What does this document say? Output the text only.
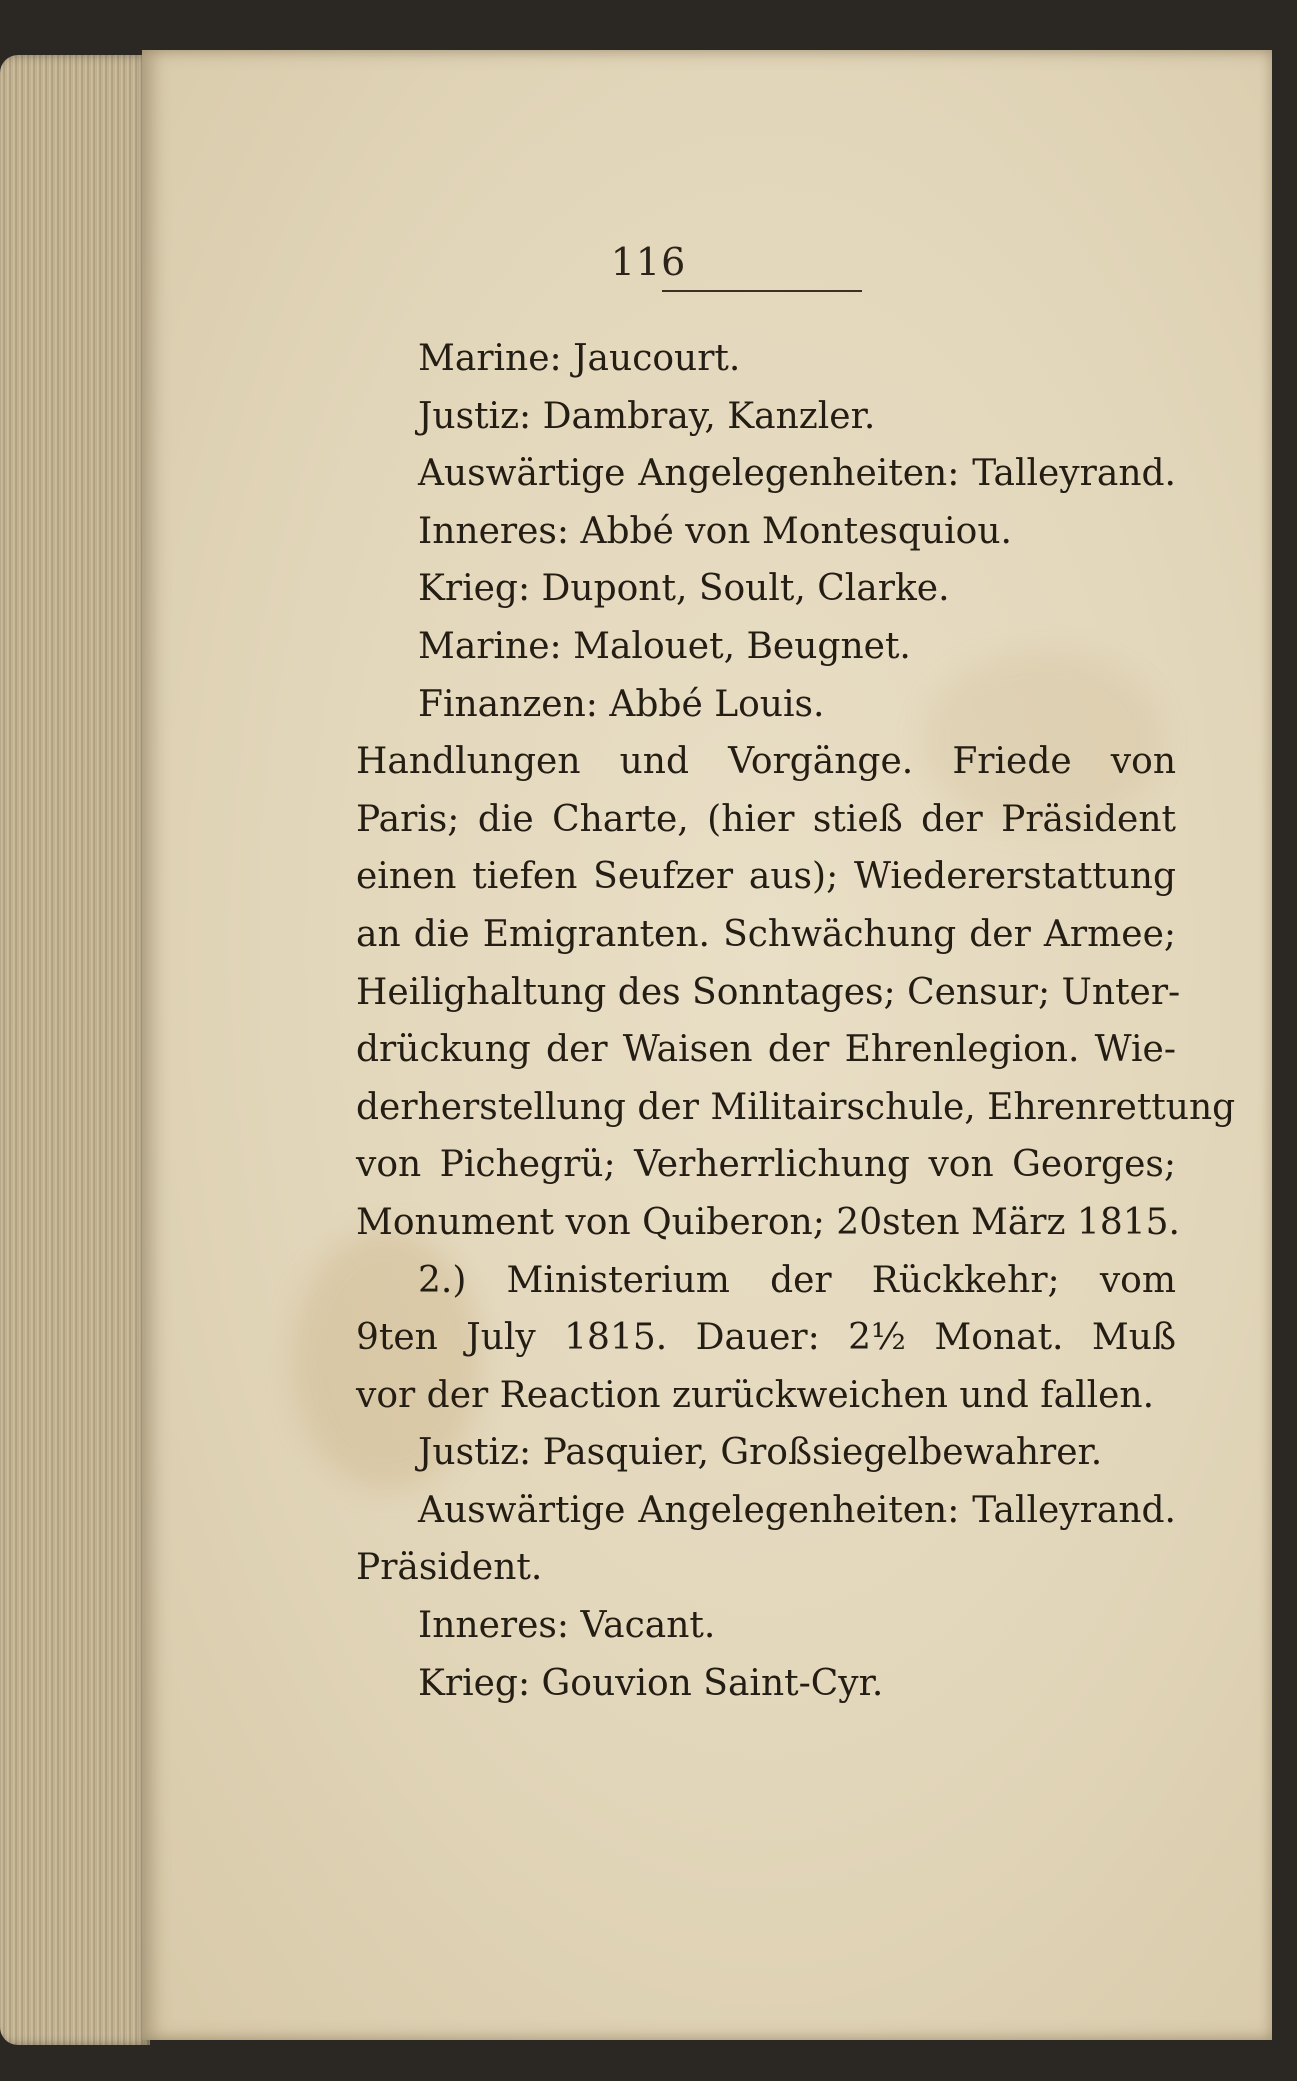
116
Marine: Jaucourt.
Justiz: Dambray, Kanzler.
Auswärtige Angelegenheiten: Talleyrand.
Inneres: Abbé von Montesquiou.
Krieg: Dupont, Soult, Clarke.
Marine: Malouet, Beugnet.
Finanzen: Abbé Louis.
Handlungen und Vorgänge. Friede von
Paris; die Charte, (hier stieß der Präsident
einen tiefen Seufzer aus); Wiedererstattung
an die Emigranten. Schwächung der Armee;
Heilighaltung des Sonntages; Censur; Unter-
drückung der Waisen der Ehrenlegion. Wie-
derherstellung der Militairschule, Ehrenrettung
von Pichegrü; Verherrlichung von Georges;
Monument von Quiberon; 20sten März 1815.
2.) Ministerium der Rückkehr; vom
9ten July 1815. Dauer: 2½ Monat. Muß
vor der Reaction zurückweichen und fallen.
Justiz: Pasquier, Großsiegelbewahrer.
Auswärtige Angelegenheiten: Talleyrand.
Präsident.
Inneres: Vacant.
Krieg: Gouvion Saint-Cyr.
